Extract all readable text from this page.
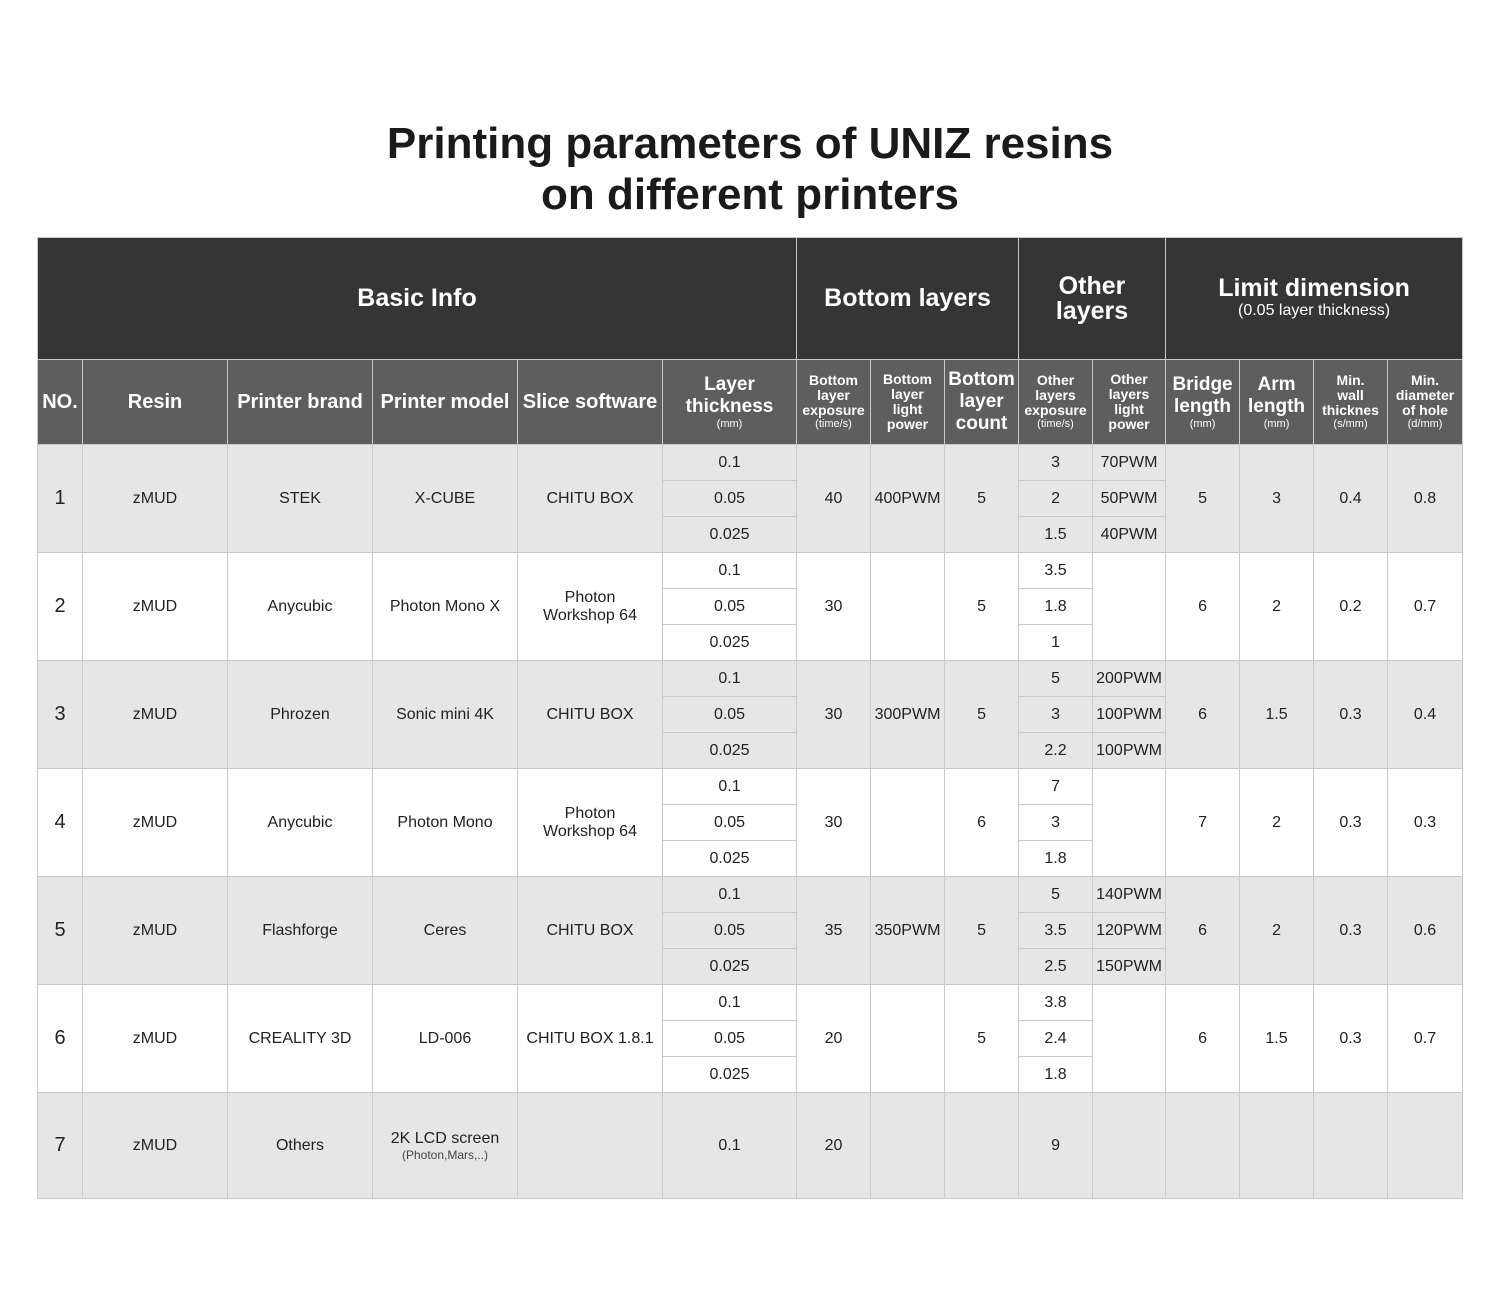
Printing parameters of UNIZ resins
on different printers
Basic Info						Bottom layers			Other
layers		Limit dimension
(0.05 layer thickness)			

NO.	Resin	Printer brand	Printer model	Slice software	Layer
thickness
(mm)	Bottom
layer
exposure
(time/s)	Bottom
layer
light
power	Bottom
layer
count	Other
layers
exposure
(time/s)	Other
layers
light
power	Bridge
length
(mm)	Arm
length
(mm)	Min.
wall
thicknes
(s/mm)	Min.
diameter
of hole
(d/mm)

1	zMUD	STEK	X-CUBE	CHITU BOX	0.1	40	400PWM	5	3	70PWM	5	3	0.4	0.8
					0.05				2	50PWM				
					0.025				1.5	40PWM				
2	zMUD	Anycubic	Photon Mono X	Photon
Workshop 64	0.1	30		5	3.5		6	2	0.2	0.7
					0.05				1.8					
					0.025				1					
3	zMUD	Phrozen	Sonic mini 4K	CHITU BOX	0.1	30	300PWM	5	5	200PWM	6	1.5	0.3	0.4
					0.05				3	100PWM				
					0.025				2.2	100PWM				
4	zMUD	Anycubic	Photon Mono	Photon
Workshop 64	0.1	30		6	7		7	2	0.3	0.3
					0.05				3					
					0.025				1.8					
5	zMUD	Flashforge	Ceres	CHITU BOX	0.1	35	350PWM	5	5	140PWM	6	2	0.3	0.6
					0.05				3.5	120PWM				
					0.025				2.5	150PWM				
6	zMUD	CREALITY 3D	LD-006	CHITU BOX 1.8.1	0.1	20		5	3.8		6	1.5	0.3	0.7
					0.05				2.4					
					0.025				1.8					
7	zMUD	Others	2K LCD screen
(Photon,Mars,..)		0.1	20			9					
